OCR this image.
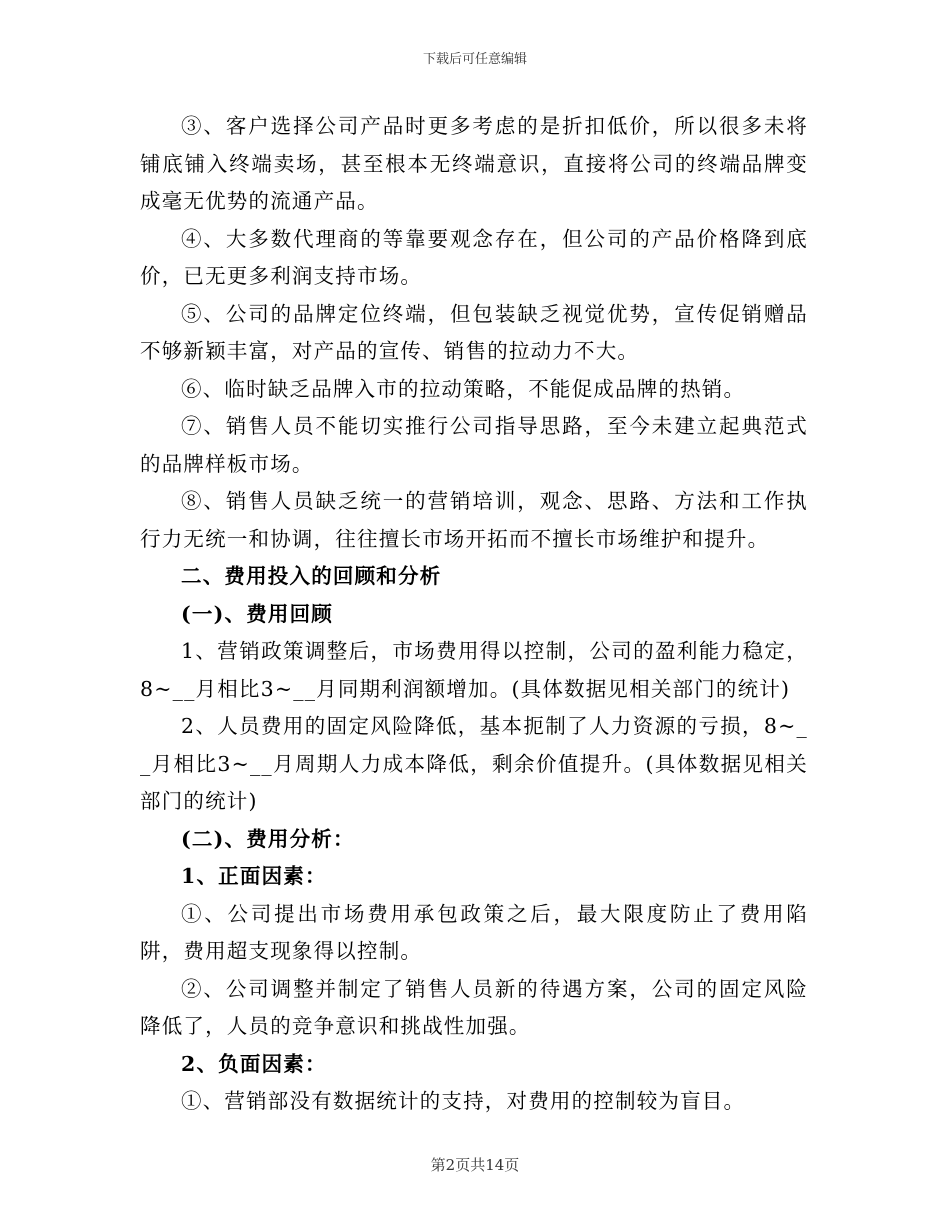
下载后可任意编辑

③、客户选择公司产品时更多考虑的是折扣低价，所以很多未将铺底铺入终端卖场，甚至根本无终端意识，直接将公司的终端品牌变成毫无优势的流通产品。

④、大多数代理商的等靠要观念存在，但公司的产品价格降到底价，已无更多利润支持市场。

⑤、公司的品牌定位终端，但包装缺乏视觉优势，宣传促销赠品不够新颖丰富，对产品的宣传、销售的拉动力不大。

⑥、临时缺乏品牌入市的拉动策略，不能促成品牌的热销。

⑦、销售人员不能切实推行公司指导思路，至今未建立起典范式的品牌样板市场。

⑧、销售人员缺乏统一的营销培训，观念、思路、方法和工作执行力无统一和协调，往往擅长市场开拓而不擅长市场维护和提升。

二、费用投入的回顾和分析

(一)、费用回顾

1、营销政策调整后，市场费用得以控制，公司的盈利能力稳定，8~__月相比3~__月同期利润额增加。(具体数据见相关部门的统计)

2、人员费用的固定风险降低，基本扼制了人力资源的亏损，8~__月相比3~__月周期人力成本降低，剩余价值提升。(具体数据见相关部门的统计)

(二)、费用分析：

1、正面因素：

①、公司提出市场费用承包政策之后，最大限度防止了费用陷阱，费用超支现象得以控制。

②、公司调整并制定了销售人员新的待遇方案，公司的固定风险降低了，人员的竞争意识和挑战性加强。

2、负面因素：

①、营销部没有数据统计的支持，对费用的控制较为盲目。

第2页共14页
